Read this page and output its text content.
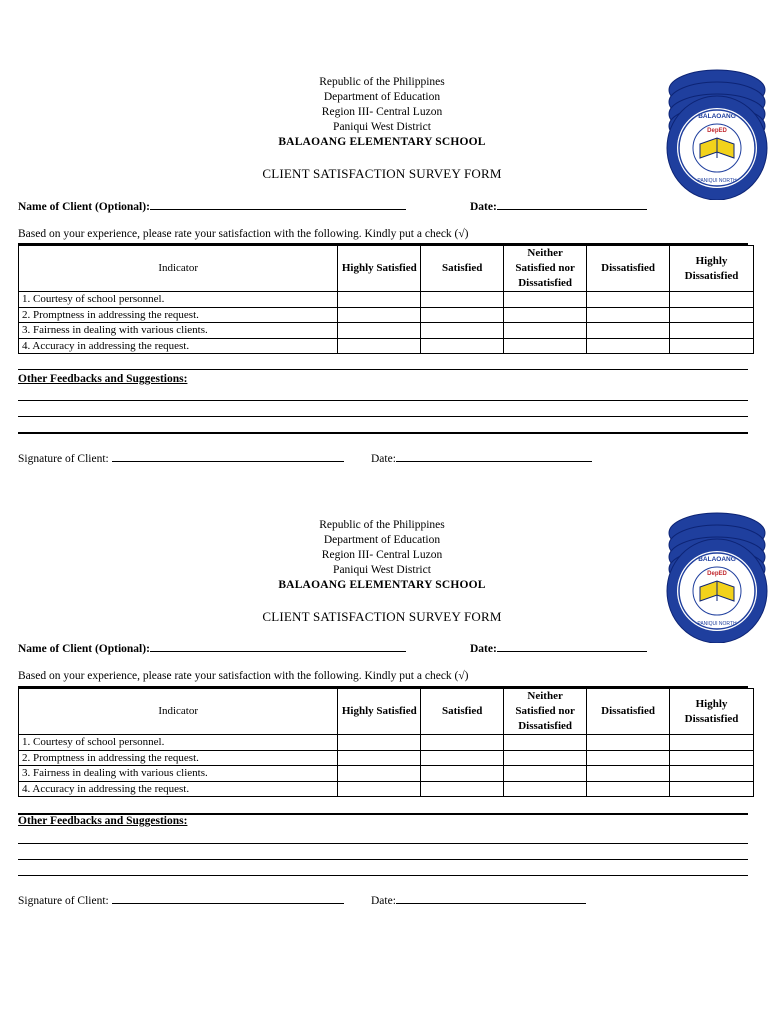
DepED
BALAOANG
PANIQUI NORTH
Republic of the Philippines
Department of Education
Region III- Central Luzon
Paniqui West District
BALAOANG ELEMENTARY SCHOOL
CLIENT SATISFACTION SURVEY FORM
Name of Client (Optional):	Date:
Based on your experience, please rate your satisfaction with the following. Kindly put a check (√)
Indicator	Highly Satisfied	Satisfied	Neither Satisfied nor Dissatisfied	Dissatisfied	Highly Dissatisfied
1. Courtesy of school personnel.					
2. Promptness in addressing the request.					
3. Fairness in dealing with various clients.					
4. Accuracy in addressing the request.					
Other Feedbacks and Suggestions:
Signature of Client:	Date:
DepED
BALAOANG
PANIQUI NORTH
Republic of the Philippines
Department of Education
Region III- Central Luzon
Paniqui West District
BALAOANG ELEMENTARY SCHOOL
CLIENT SATISFACTION SURVEY FORM
Name of Client (Optional):	Date:
Based on your experience, please rate your satisfaction with the following. Kindly put a check (√)
Indicator	Highly Satisfied	Satisfied	Neither Satisfied nor Dissatisfied	Dissatisfied	Highly Dissatisfied
1. Courtesy of school personnel.					
2. Promptness in addressing the request.					
3. Fairness in dealing with various clients.					
4. Accuracy in addressing the request.					
Other Feedbacks and Suggestions:
Signature of Client:	Date:
